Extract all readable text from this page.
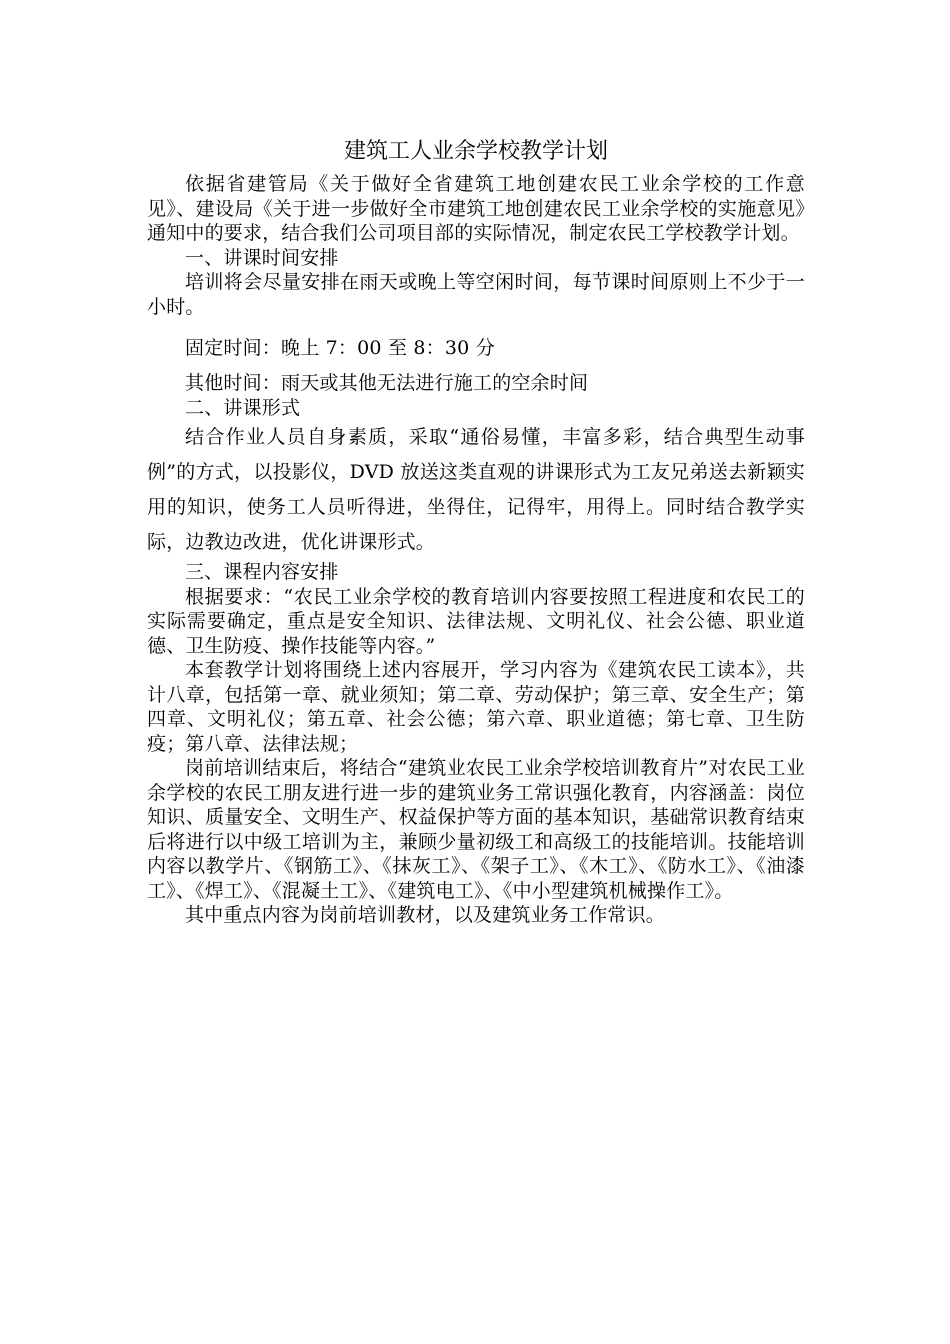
建筑工人业余学校教学计划

依据省建管局《关于做好全省建筑工地创建农民工业余学校的工作意见》、建设局《关于进一步做好全市建筑工地创建农民工业余学校的实施意见》通知中的要求，结合我们公司项目部的实际情况，制定农民工学校教学计划。

一、讲课时间安排

培训将会尽量安排在雨天或晚上等空闲时间，每节课时间原则上不少于一小时。

固定时间：晚上 7：00 至 8：30 分

其他时间：雨天或其他无法进行施工的空余时间

二、讲课形式

结合作业人员自身素质，采取“通俗易懂，丰富多彩，结合典型生动事例”的方式，以投影仪，DVD 放送这类直观的讲课形式为工友兄弟送去新颖实用的知识，使务工人员听得进，坐得住，记得牢，用得上。同时结合教学实际，边教边改进，优化讲课形式。

三、课程内容安排

根据要求：“农民工业余学校的教育培训内容要按照工程进度和农民工的实际需要确定，重点是安全知识、法律法规、文明礼仪、社会公德、职业道德、卫生防疫、操作技能等内容。”

本套教学计划将围绕上述内容展开，学习内容为《建筑农民工读本》，共计八章，包括第一章、就业须知；第二章、劳动保护；第三章、安全生产；第四章、文明礼仪；第五章、社会公德；第六章、职业道德；第七章、卫生防疫；第八章、法律法规；

岗前培训结束后，将结合“建筑业农民工业余学校培训教育片”对农民工业余学校的农民工朋友进行进一步的建筑业务工常识强化教育，内容涵盖：岗位知识、质量安全、文明生产、权益保护等方面的基本知识，基础常识教育结束后将进行以中级工培训为主，兼顾少量初级工和高级工的技能培训。技能培训内容以教学片、《钢筋工》、《抹灰工》、《架子工》、《木工》、《防水工》、《油漆工》、《焊工》、《混凝土工》、《建筑电工》、《中小型建筑机械操作工》。

其中重点内容为岗前培训教材，以及建筑业务工作常识。
